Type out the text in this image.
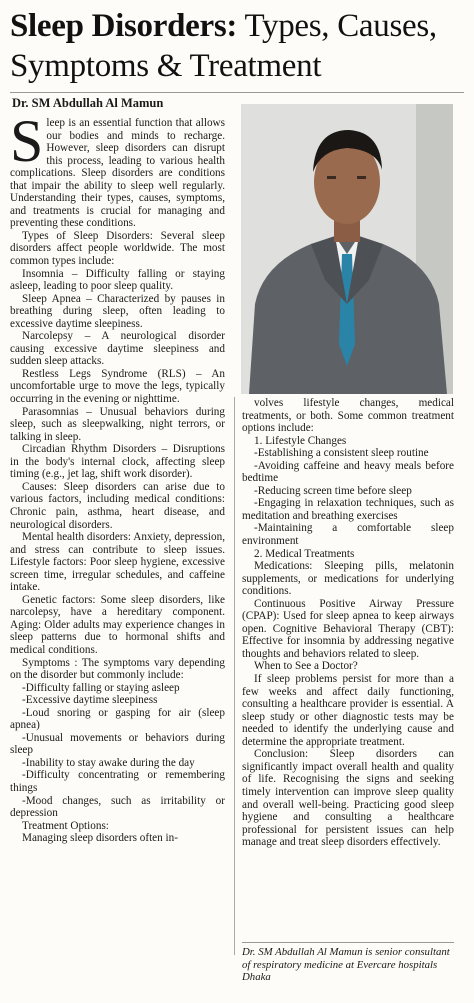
Sleep Disorders: Types, Causes, Symptoms & Treatment
Dr. SM Abdullah Al Mamun

Sleep is an essential function that allows our bodies and minds to recharge. However, sleep disorders can disrupt this process, leading to various health complications. Sleep disorders are conditions that impair the ability to sleep well regularly. Understanding their types, causes, symptoms, and treatments is crucial for managing and preventing these conditions.

Types of Sleep Disorders: Several sleep disorders affect people worldwide. The most common types include:

Insomnia – Difficulty falling or staying asleep, leading to poor sleep quality.

Sleep Apnea – Characterized by pauses in breathing during sleep, often leading to excessive daytime sleepiness.

Narcolepsy – A neurological disorder causing excessive daytime sleepiness and sudden sleep attacks.

Restless Legs Syndrome (RLS) – An uncomfortable urge to move the legs, typically occurring in the evening or nighttime.

Parasomnias – Unusual behaviors during sleep, such as sleepwalking, night terrors, or talking in sleep.

Circadian Rhythm Disorders – Disruptions in the body's internal clock, affecting sleep timing (e.g., jet lag, shift work disorder).

Causes: Sleep disorders can arise due to various factors, including medical conditions: Chronic pain, asthma, heart disease, and neurological disorders.

Mental health disorders: Anxiety, depression, and stress can contribute to sleep issues. Lifestyle factors: Poor sleep hygiene, excessive screen time, irregular schedules, and caffeine intake.

Genetic factors: Some sleep disorders, like narcolepsy, have a hereditary component. Aging: Older adults may experience changes in sleep patterns due to hormonal shifts and medical conditions.

Symptoms : The symptoms vary depending on the disorder but commonly include:

-Difficulty falling or staying asleep

-Excessive daytime sleepiness

-Loud snoring or gasping for air (sleep apnea)

-Unusual movements or behaviors during sleep

-Inability to stay awake during the day

-Difficulty concentrating or remembering things

-Mood changes, such as irritability or depression

Treatment Options:

Managing sleep disorders often in-

volves lifestyle changes, medical treatments, or both. Some common treatment options include:

1. Lifestyle Changes

-Establishing a consistent sleep routine

-Avoiding caffeine and heavy meals before bedtime

-Reducing screen time before sleep

-Engaging in relaxation techniques, such as meditation and breathing exercises

-Maintaining a comfortable sleep environment

2. Medical Treatments

Medications: Sleeping pills, melatonin supplements, or medications for underlying conditions.

Continuous Positive Airway Pressure (CPAP): Used for sleep apnea to keep airways open. Cognitive Behavioral Therapy (CBT): Effective for insomnia by addressing negative thoughts and behaviors related to sleep.

When to See a Doctor?

If sleep problems persist for more than a few weeks and affect daily functioning, consulting a healthcare provider is essential. A sleep study or other diagnostic tests may be needed to identify the underlying cause and determine the appropriate treatment.

Conclusion: Sleep disorders can significantly impact overall health and quality of life. Recognising the signs and seeking timely intervention can improve sleep quality and overall well-being. Practicing good sleep hygiene and consulting a healthcare professional for persistent issues can help manage and treat sleep disorders effectively.

Dr. SM Abdullah Al Mamun is senior consultant of respiratory medicine at Evercare hospitals Dhaka
